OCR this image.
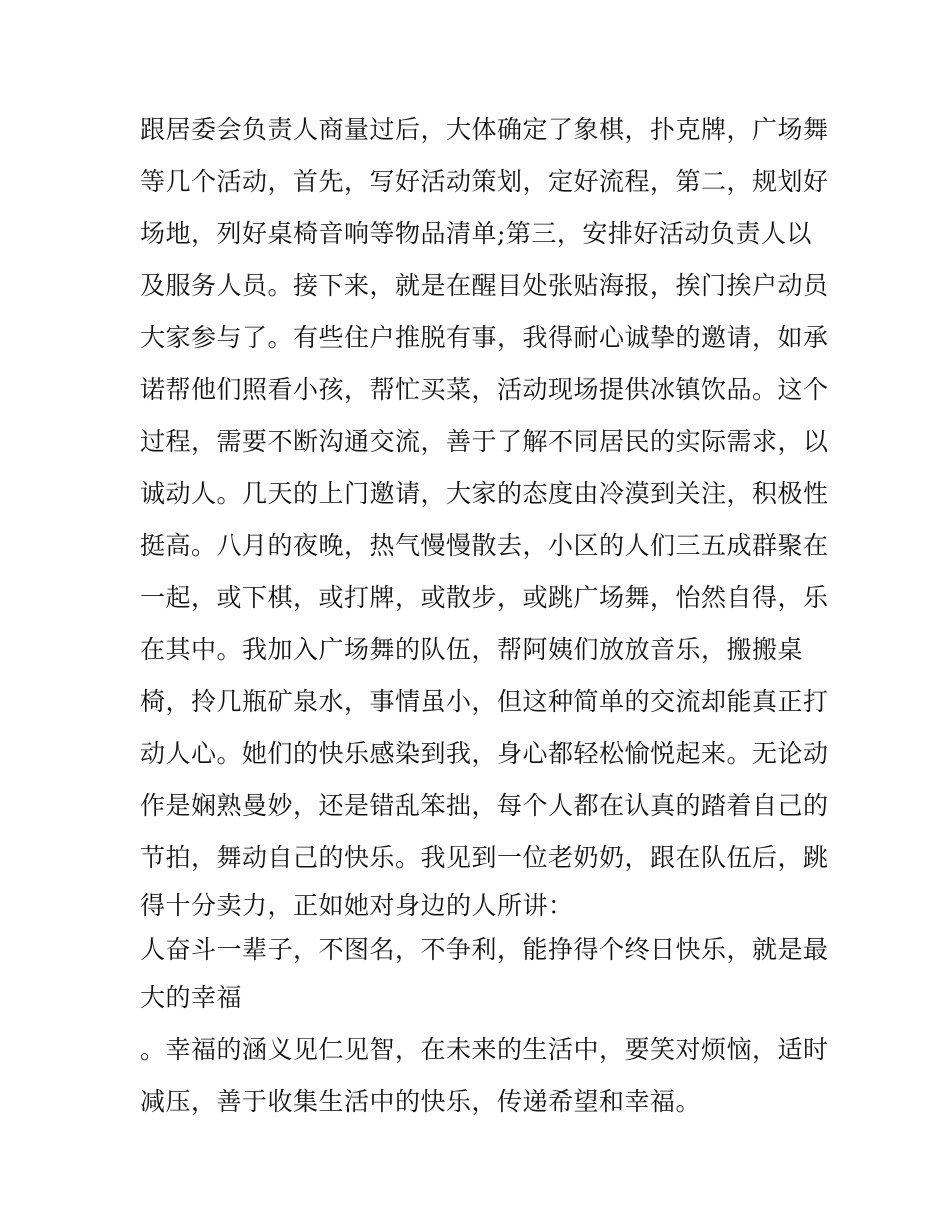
跟居委会负责人商量过后，大体确定了象棋，扑克牌，广场舞
等几个活动，首先，写好活动策划，定好流程，第二，规划好
场地，列好桌椅音响等物品清单;第三，安排好活动负责人以
及服务人员。接下来，就是在醒目处张贴海报，挨门挨户动员
大家参与了。有些住户推脱有事，我得耐心诚挚的邀请，如承
诺帮他们照看小孩，帮忙买菜，活动现场提供冰镇饮品。这个
过程，需要不断沟通交流，善于了解不同居民的实际需求，以
诚动人。几天的上门邀请，大家的态度由冷漠到关注，积极性
挺高。八月的夜晚，热气慢慢散去，小区的人们三五成群聚在
一起，或下棋，或打牌，或散步，或跳广场舞，怡然自得，乐
在其中。我加入广场舞的队伍，帮阿姨们放放音乐，搬搬桌
椅，拎几瓶矿泉水，事情虽小，但这种简单的交流却能真正打
动人心。她们的快乐感染到我，身心都轻松愉悦起来。无论动
作是娴熟曼妙，还是错乱笨拙，每个人都在认真的踏着自己的
节拍，舞动自己的快乐。我见到一位老奶奶，跟在队伍后，跳
得十分卖力，正如她对身边的人所讲：
人奋斗一辈子，不图名，不争利，能挣得个终日快乐，就是最
大的幸福
。幸福的涵义见仁见智，在未来的生活中，要笑对烦恼，适时
减压，善于收集生活中的快乐，传递希望和幸福。
